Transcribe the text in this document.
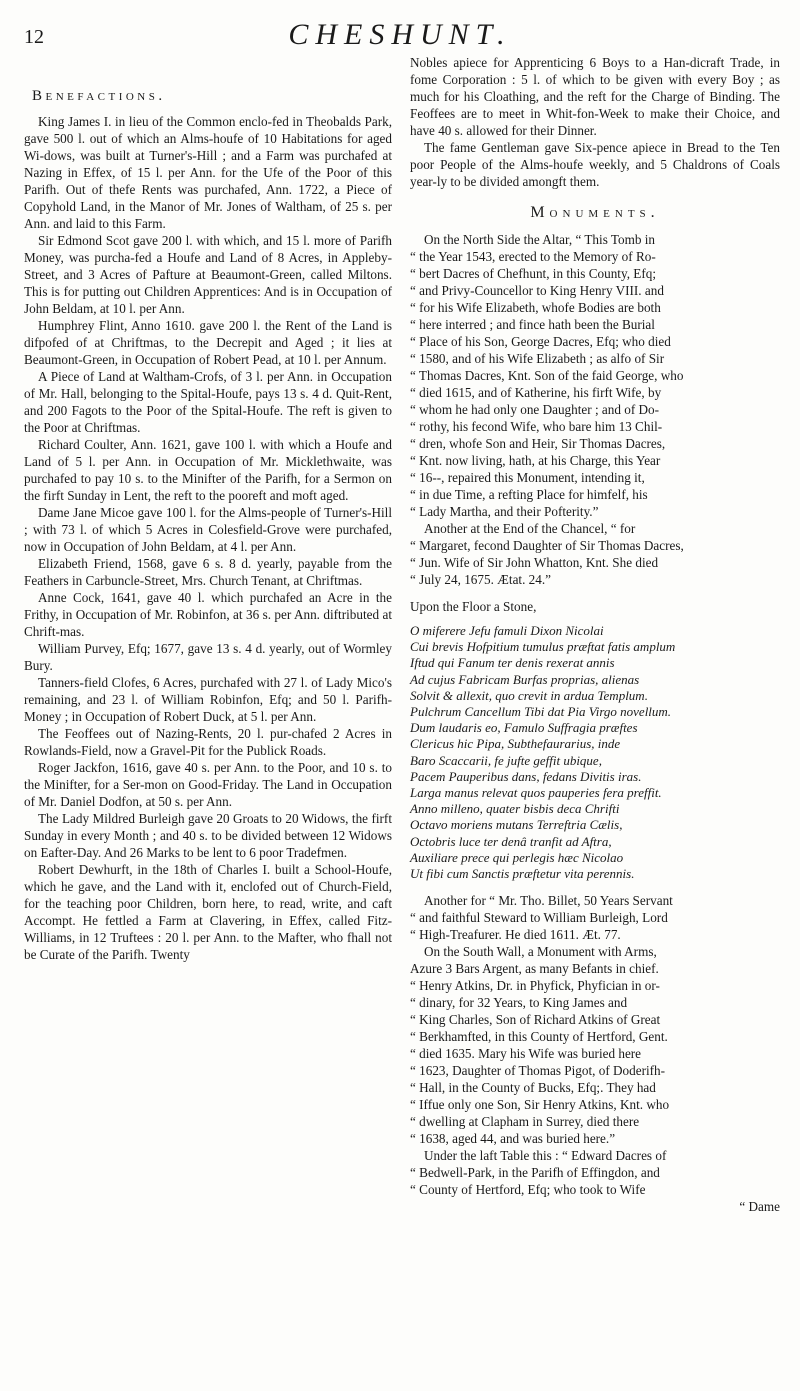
12	CHESHUNT.
Benefactions.

King James I. in lieu of the Common enclo-fed in Theobalds Park, gave 500 l. out of which an Alms-houfe of 10 Habitations for aged Wi-dows, was built at Turner's-Hill ; and a Farm was purchafed at Nazing in Effex, of 15 l. per Ann. for the Ufe of the Poor of this Parifh. Out of thefe Rents was purchafed, Ann. 1722, a Piece of Copyhold Land, in the Manor of Mr. Jones of Waltham, of 25 s. per Ann. and laid to this Farm.

Sir Edmond Scot gave 200 l. with which, and 15 l. more of Parifh Money, was purcha-fed a Houfe and Land of 8 Acres, in Appleby-Street, and 3 Acres of Pafture at Beaumont-Green, called Miltons. This is for putting out Children Apprentices: And is in Occupation of John Beldam, at 10 l. per Ann.

Humphrey Flint, Anno 1610. gave 200 l. the Rent of the Land is difpofed of at Chriftmas, to the Decrepit and Aged ; it lies at Beaumont-Green, in Occupation of Robert Pead, at 10 l. per Annum.

A Piece of Land at Waltham-Crofs, of 3 l. per Ann. in Occupation of Mr. Hall, belonging to the Spital-Houfe, pays 13 s. 4 d. Quit-Rent, and 200 Fagots to the Poor of the Spital-Houfe. The reft is given to the Poor at Chriftmas.

Richard Coulter, Ann. 1621, gave 100 l. with which a Houfe and Land of 5 l. per Ann. in Occupation of Mr. Micklethwaite, was purchafed to pay 10 s. to the Minifter of the Parifh, for a Sermon on the firft Sunday in Lent, the reft to the pooreft and moft aged.

Dame Jane Micoe gave 100 l. for the Alms-people of Turner's-Hill ; with 73 l. of which 5 Acres in Colesfield-Grove were purchafed, now in Occupation of John Beldam, at 4 l. per Ann.

Elizabeth Friend, 1568, gave 6 s. 8 d. yearly, payable from the Feathers in Carbuncle-Street, Mrs. Church Tenant, at Chriftmas.

Anne Cock, 1641, gave 40 l. which purchafed an Acre in the Frithy, in Occupation of Mr. Robinfon, at 36 s. per Ann. diftributed at Chrift-mas.

William Purvey, Efq; 1677, gave 13 s. 4 d. yearly, out of Wormley Bury.

Tanners-field Clofes, 6 Acres, purchafed with 27 l. of Lady Mico's remaining, and 23 l. of William Robinfon, Efq; and 50 l. Parifh-Money ; in Occupation of Robert Duck, at 5 l. per Ann.

The Feoffees out of Nazing-Rents, 20 l. pur-chafed 2 Acres in Rowlands-Field, now a Gravel-Pit for the Publick Roads.

Roger Jackfon, 1616, gave 40 s. per Ann. to the Poor, and 10 s. to the Minifter, for a Ser-mon on Good-Friday. The Land in Occupation of Mr. Daniel Dodfon, at 50 s. per Ann.

The Lady Mildred Burleigh gave 20 Groats to 20 Widows, the firft Sunday in every Month ; and 40 s. to be divided between 12 Widows on Eafter-Day. And 26 Marks to be lent to 6 poor Tradefmen.

Robert Dewhurft, in the 18th of Charles I. built a School-Houfe, which he gave, and the Land with it, enclofed out of Church-Field, for the teaching poor Children, born here, to read, write, and caft Accompt. He fettled a Farm at Clavering, in Effex, called Fitz-Williams, in 12 Truftees : 20 l. per Ann. to the Mafter, who fhall not be Curate of the Parifh. Twenty

Nobles apiece for Apprenticing 6 Boys to a Han-dicraft Trade, in fome Corporation : 5 l. of which to be given with every Boy ; as much for his Cloathing, and the reft for the Charge of Binding. The Feoffees are to meet in Whit-fon-Week to make their Choice, and have 40 s. allowed for their Dinner.

The fame Gentleman gave Six-pence apiece in Bread to the Ten poor People of the Alms-houfe weekly, and 5 Chaldrons of Coals year-ly to be divided amongft them.

Monuments.
On the North Side the Altar, “ This Tomb in
“ the Year 1543, erected to the Memory of Ro-
“ bert Dacres of Chefhunt, in this County, Efq;
“ and Privy-Councellor to King Henry VIII. and
“ for his Wife Elizabeth, whofe Bodies are both
“ here interred ; and fince hath been the Burial
“ Place of his Son, George Dacres, Efq; who died
“ 1580, and of his Wife Elizabeth ; as alfo of Sir
“ Thomas Dacres, Knt. Son of the faid George, who
“ died 1615, and of Katherine, his firft Wife, by
“ whom he had only one Daughter ; and of Do-
“ rothy, his fecond Wife, who bare him 13 Chil-
“ dren, whofe Son and Heir, Sir Thomas Dacres,
“ Knt. now living, hath, at his Charge, this Year
“ 16--, repaired this Monument, intending it,
“ in due Time, a refting Place for himfelf, his
“ Lady Martha, and their Pofterity.”
Another at the End of the Chancel, “ for
“ Margaret, fecond Daughter of Sir Thomas Dacres,
“ Jun. Wife of Sir John Whatton, Knt. She died
“ July 24, 1675. Ætat. 24.”
Upon the Floor a Stone,
O miferere Jefu famuli Dixon Nicolai
Cui brevis Hofpitium tumulus præftat fatis amplum
Iftud qui Fanum ter denis rexerat annis
Ad cujus Fabricam Burfas proprias, alienas
Solvit & allexit, quo crevit in ardua Templum.
Pulchrum Cancellum Tibi dat Pia Virgo novellum.
Dum laudaris eo, Famulo Suffragia præftes
Clericus hic Pipa, Subthefaurarius, inde
Baro Scaccarii, fe jufte geffit ubique,
Pacem Pauperibus dans, fedans Divitis iras.
Larga manus relevat quos pauperies fera preffit.
Anno milleno, quater bisbis deca Chrifti
Octavo moriens mutans Terreftria Cælis,
Octobris luce ter denâ tranfit ad Aftra,
Auxiliare prece qui perlegis hæc Nicolao
Ut fibi cum Sanctis præftetur vita perennis.
Another for “ Mr. Tho. Billet, 50 Years Servant
“ and faithful Steward to William Burleigh, Lord
“ High-Treafurer. He died 1611. Æt. 77.
On the South Wall, a Monument with Arms,
Azure 3 Bars Argent, as many Befants in chief.
“ Henry Atkins, Dr. in Phyfick, Phyfician in or-
“ dinary, for 32 Years, to King James and
“ King Charles, Son of Richard Atkins of Great
“ Berkhamfted, in this County of Hertford, Gent.
“ died 1635. Mary his Wife was buried here
“ 1623, Daughter of Thomas Pigot, of Doderifh-
“ Hall, in the County of Bucks, Efq;. They had
“ Iffue only one Son, Sir Henry Atkins, Knt. who
“ dwelling at Clapham in Surrey, died there
“ 1638, aged 44, and was buried here.”
Under the laft Table this : “ Edward Dacres of
“ Bedwell-Park, in the Parifh of Effingdon, and
“ County of Hertford, Efq; who took to Wife
“ Dame
